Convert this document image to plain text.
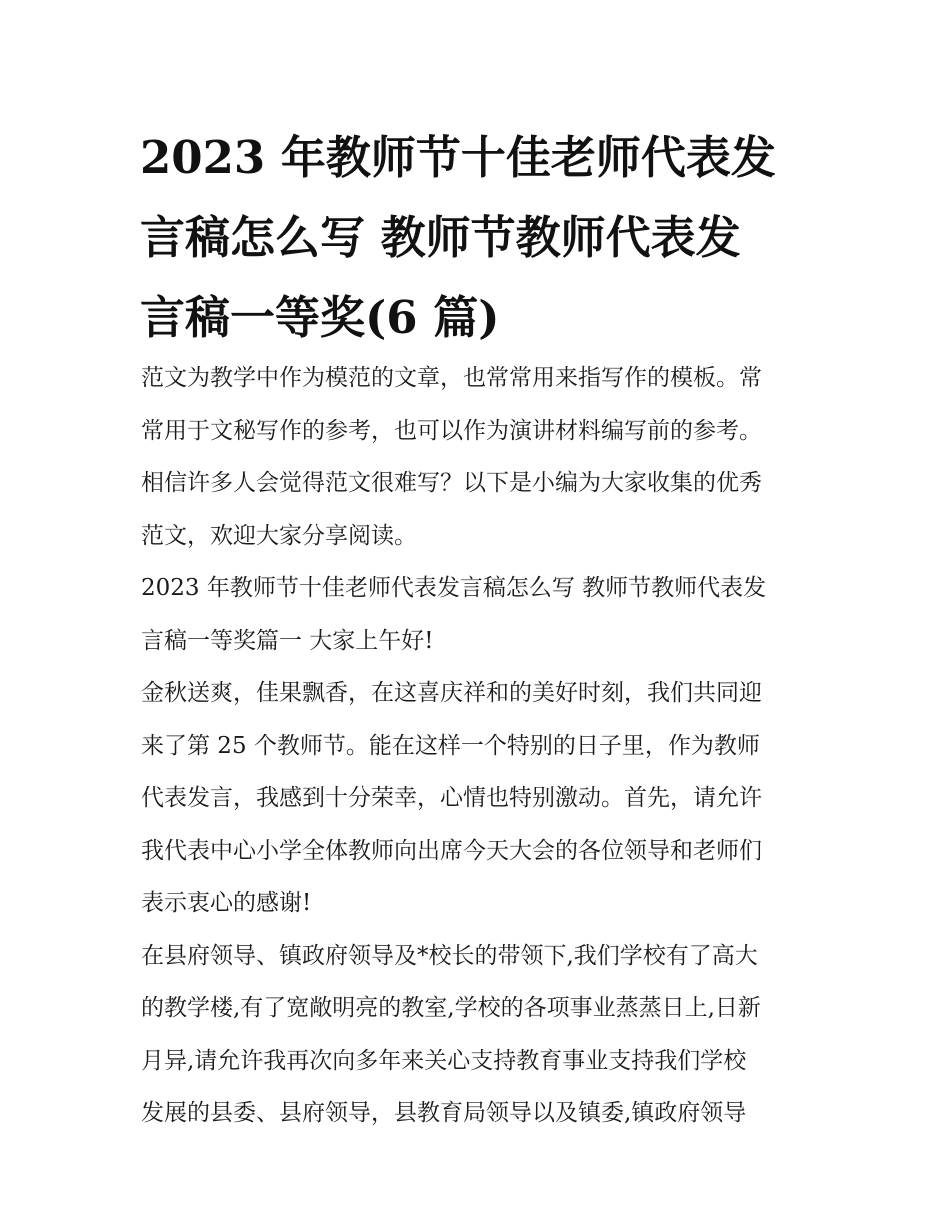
2023 年教师节十佳老师代表发
言稿怎么写 教师节教师代表发
言稿一等奖(6 篇)
范文为教学中作为模范的文章，也常常用来指写作的模板。常
常用于文秘写作的参考，也可以作为演讲材料编写前的参考。
相信许多人会觉得范文很难写？以下是小编为大家收集的优秀
范文，欢迎大家分享阅读。
2023 年教师节十佳老师代表发言稿怎么写 教师节教师代表发
言稿一等奖篇一 大家上午好!
金秋送爽，佳果飘香，在这喜庆祥和的美好时刻，我们共同迎
来了第 25 个教师节。能在这样一个特别的日子里，作为教师
代表发言，我感到十分荣幸，心情也特别激动。首先，请允许
我代表中心小学全体教师向出席今天大会的各位领导和老师们
表示衷心的感谢!
在县府领导、镇政府领导及*校长的带领下,我们学校有了高大
的教学楼,有了宽敞明亮的教室,学校的各项事业蒸蒸日上,日新
月异,请允许我再次向多年来关心支持教育事业支持我们学校
发展的县委、县府领导，县教育局领导以及镇委,镇政府领导
